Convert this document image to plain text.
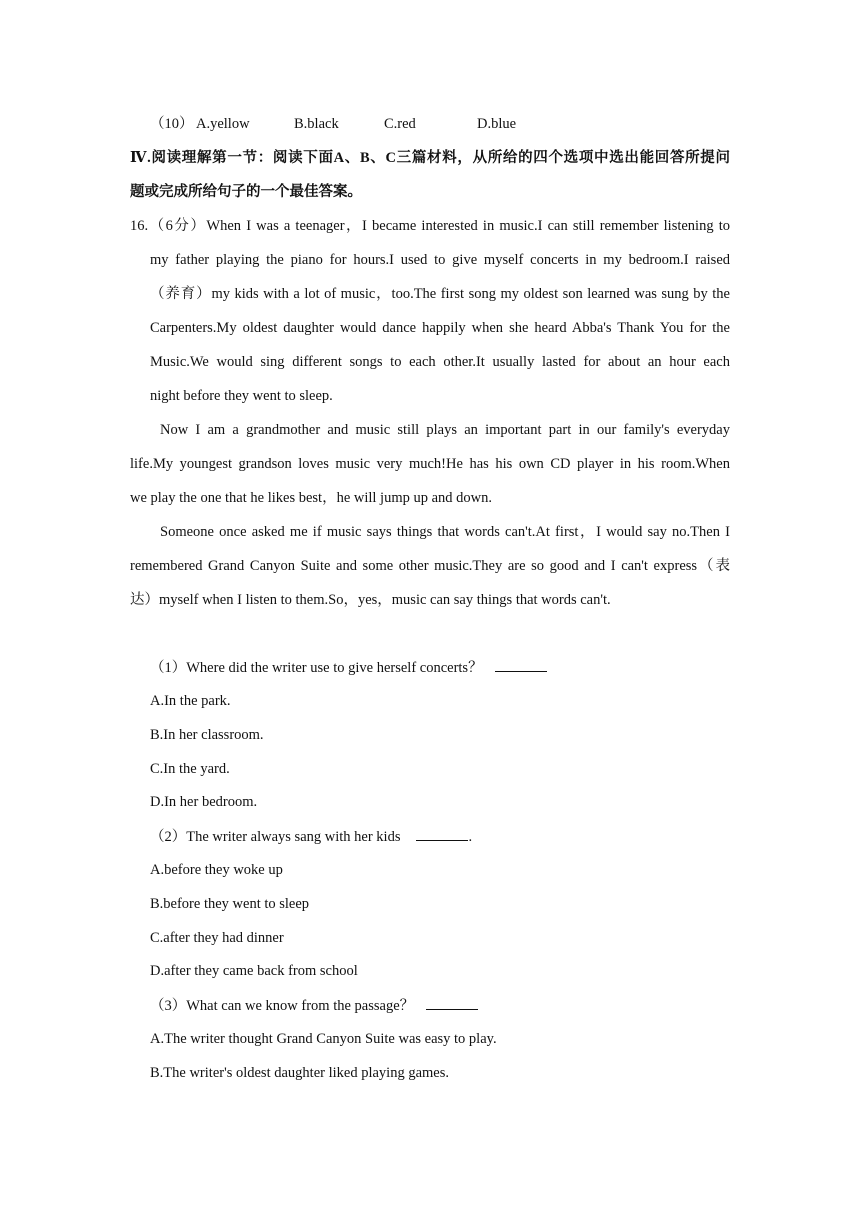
（10） A.yellow	B.black	C.red	D.blue
Ⅳ.阅读理解第一节：阅读下面A、B、C三篇材料，从所给的四个选项中选出能回答所提问
题或完成所给句子的一个最佳答案。
16.（6分）When I was a teenager，I became interested in music.I can still remember listening to
my father playing the piano for hours.I used to give myself concerts in my bedroom.I raised
（养育）my kids with a lot of music，too.The first song my oldest son learned was sung by the
Carpenters.My oldest daughter would dance happily when she heard Abba's Thank You for the
Music.We would sing different songs to each other.It usually lasted for about an hour each
night before they went to sleep.
Now I am a grandmother and music still plays an important part in our family's everyday
life.My youngest grandson loves music very much!He has his own CD player in his room.When
we play the one that he likes best，he will jump up and down.
Someone once asked me if music says things that words can't.At first，I would say no.Then I
remembered Grand Canyon Suite and some other music.They are so good and I can't express（表
达）myself when I listen to them.So，yes，music can say things that words can't.
（1）Where did the writer use to give herself concerts？
A.In the park.
B.In her classroom.
C.In the yard.
D.In her bedroom.
（2）The writer always sang with her kids	.
A.before they woke up
B.before they went to sleep
C.after they had dinner
D.after they came back from school
（3）What can we know from the passage？
A.The writer thought Grand Canyon Suite was easy to play.
B.The writer's oldest daughter liked playing games.
